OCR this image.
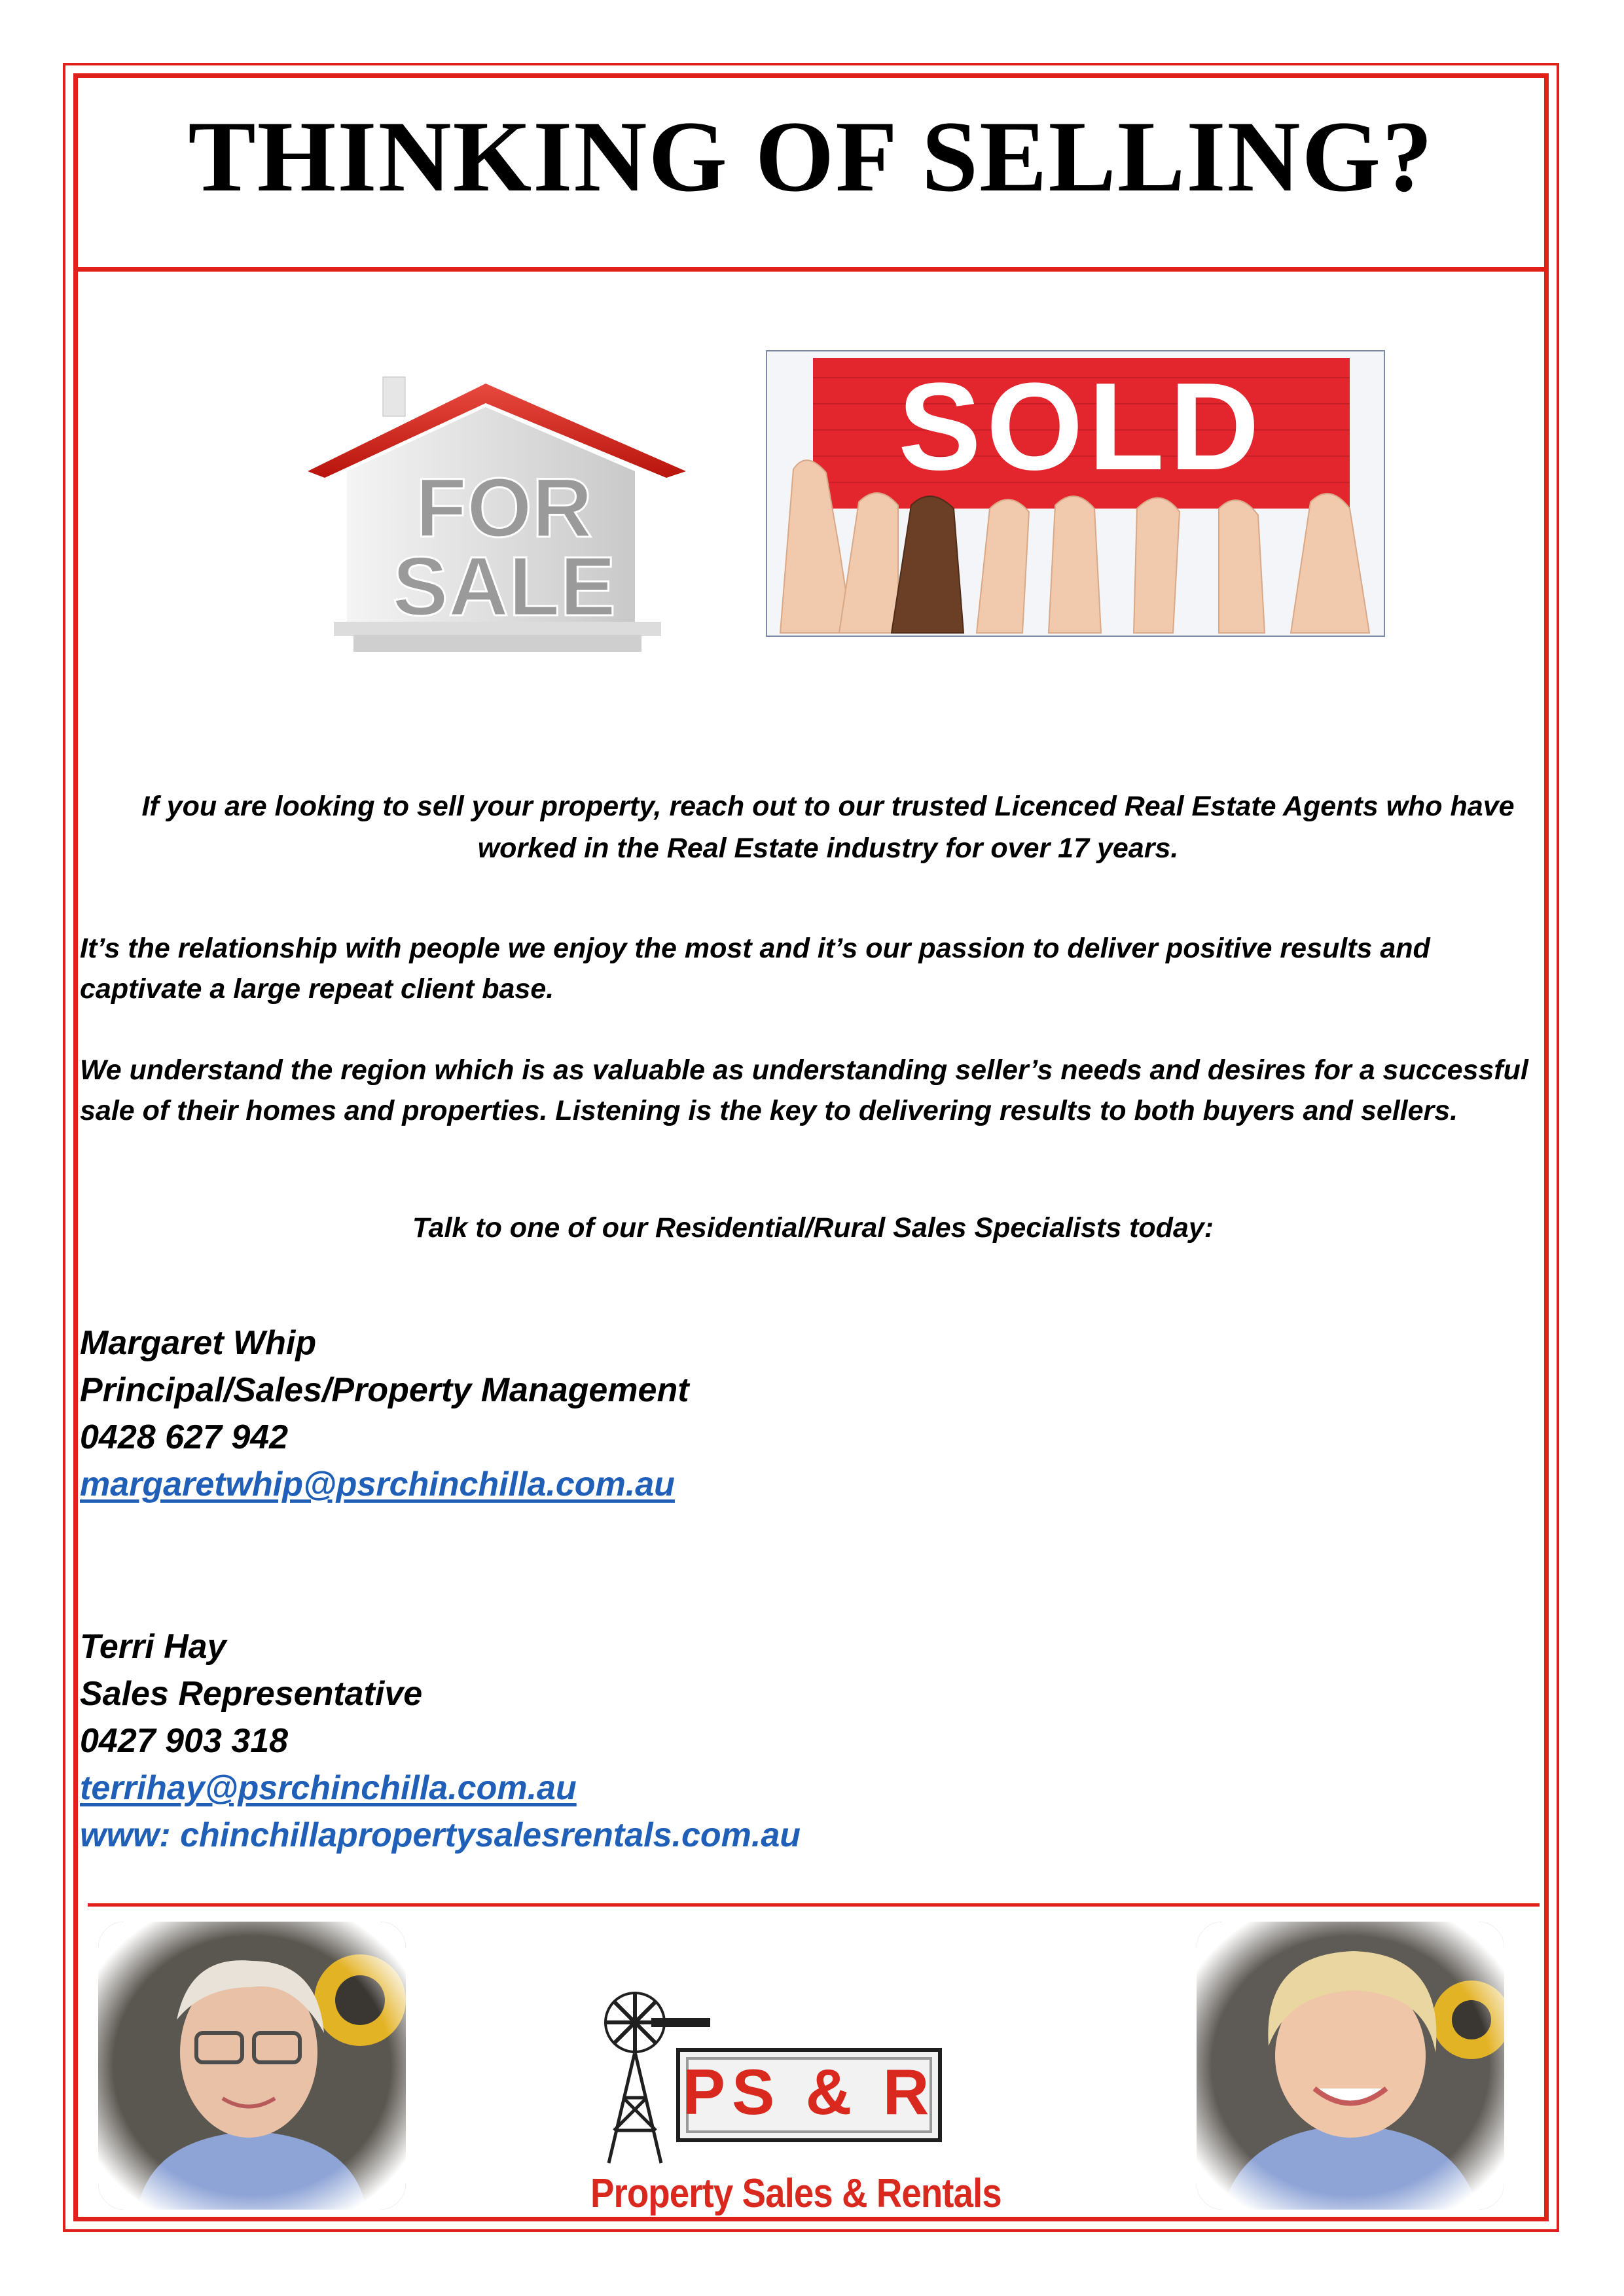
THINKING OF SELLING?
FOR
SALE
SOLD

If you are looking to sell your property, reach out to our trusted Licenced Real Estate Agents who have worked in the Real Estate industry for over 17 years.

It’s the relationship with people we enjoy the most and it’s our passion to deliver positive results and captivate a large repeat client base.

We understand the region which is as valuable as understanding seller’s needs and desires for a successful sale of their homes and properties. Listening is the key to delivering results to both buyers and sellers.

Talk to one of our Residential/Rural Sales Specialists today:

Margaret Whip
Principal/Sales/Property Management
0428 627 942
margaretwhip@psrchinchilla.com.au
Terri Hay
Sales Representative
0427 903 318
terrihay@psrchinchilla.com.au
www: chinchillapropertysalesrentals.com.au
PS & R

Property Sales & Rentals
